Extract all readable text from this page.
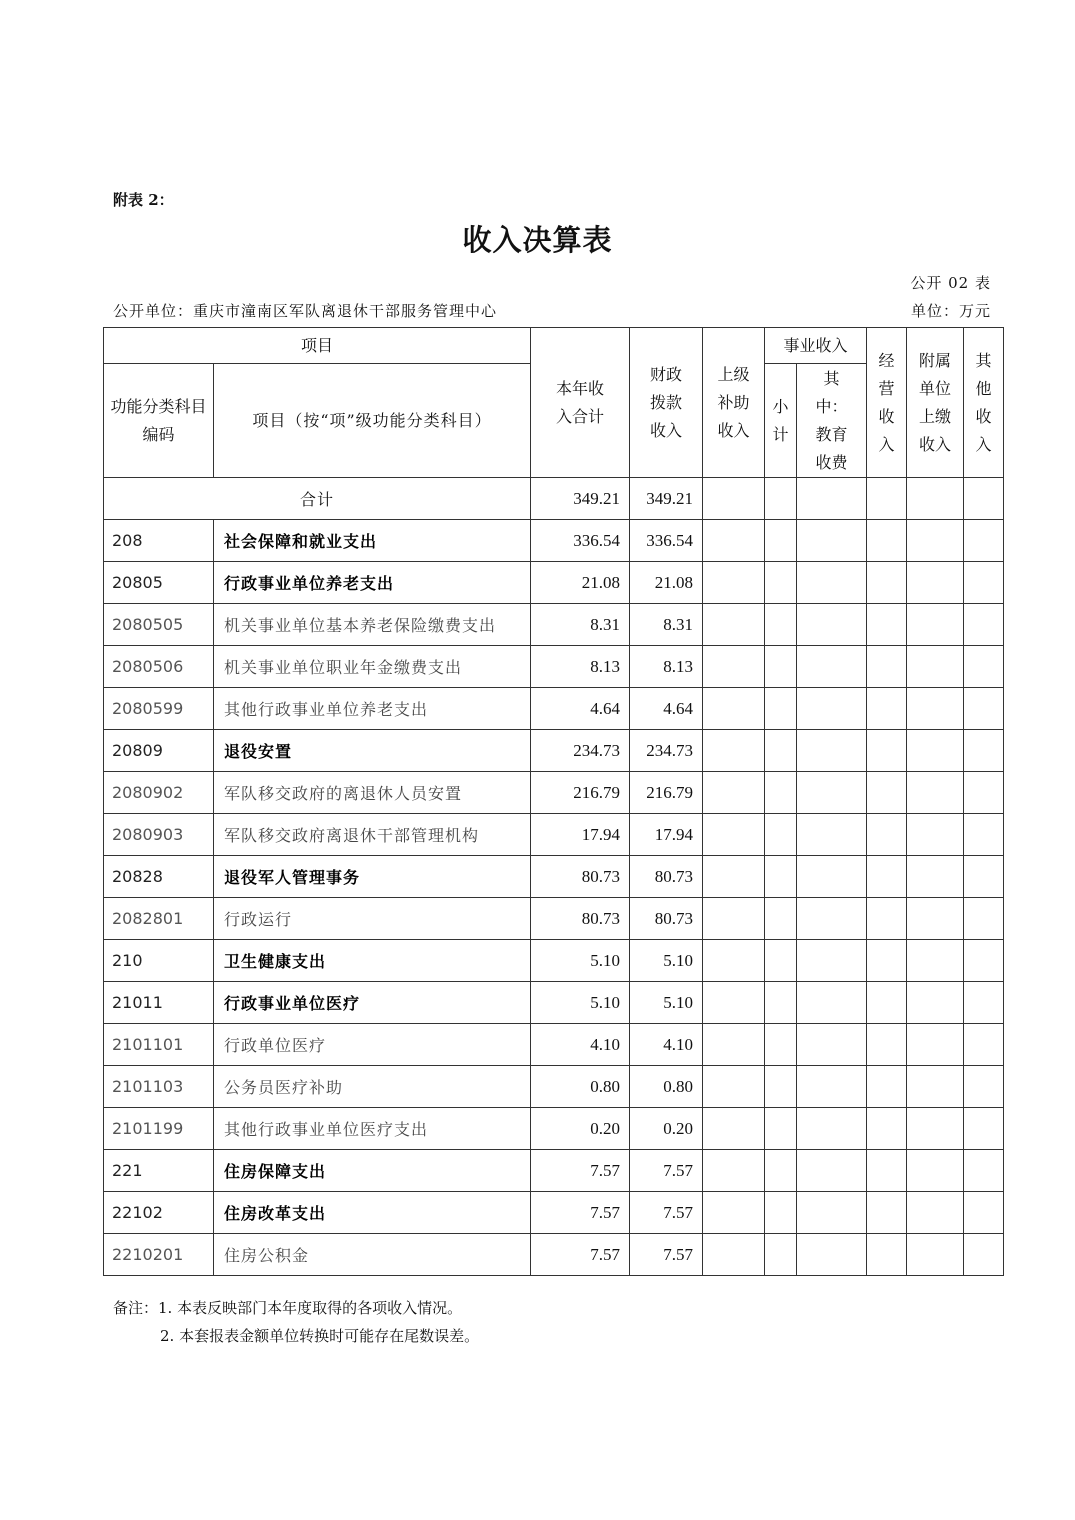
附表 2：
收入决算表
公开 02 表
公开单位：重庆市潼南区军队离退休干部服务管理中心	单位：万元
项目		本年收入合计	财政拨款收入	上级补助收入	事业收入		经营收入	附属单位上缴收入	其他收入

功能分类科目编码	项目（按“项”级功能分类科目）				小计	其中：教育收费			

合计		349.21	349.21						
208	社会保障和就业支出	336.54	336.54						
20805	行政事业单位养老支出	21.08	21.08						
2080505	机关事业单位基本养老保险缴费支出	8.31	8.31						
2080506	机关事业单位职业年金缴费支出	8.13	8.13						
2080599	其他行政事业单位养老支出	4.64	4.64						
20809	退役安置	234.73	234.73						
2080902	军队移交政府的离退休人员安置	216.79	216.79						
2080903	军队移交政府离退休干部管理机构	17.94	17.94						
20828	退役军人管理事务	80.73	80.73						
2082801	行政运行	80.73	80.73						
210	卫生健康支出	5.10	5.10						
21011	行政事业单位医疗	5.10	5.10						
2101101	行政单位医疗	4.10	4.10						
2101103	公务员医疗补助	0.80	0.80						
2101199	其他行政事业单位医疗支出	0.20	0.20						
221	住房保障支出	7.57	7.57						
22102	住房改革支出	7.57	7.57						
2210201	住房公积金	7.57	7.57						
备注：1. 本表反映部门本年度取得的各项收入情况。
2. 本套报表金额单位转换时可能存在尾数误差。
